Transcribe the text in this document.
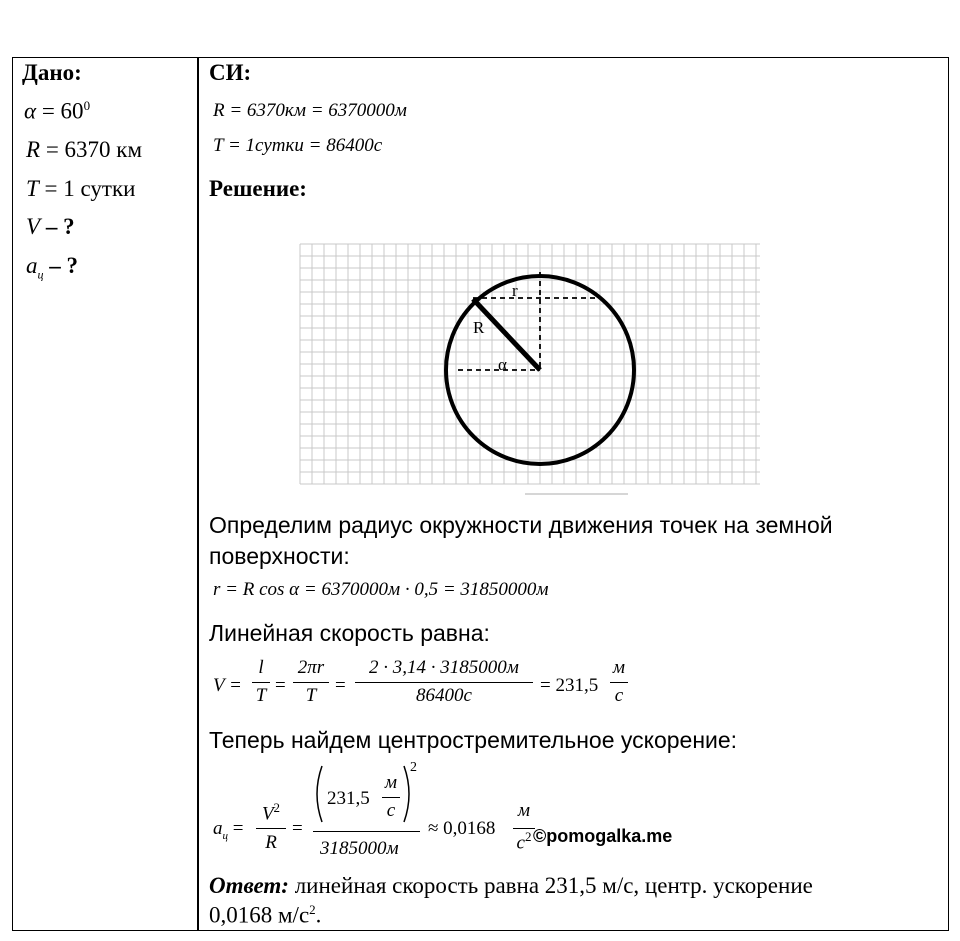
Дано:
$\alpha = 60^0$
R = 6370 км
T = 1 сутки
V – ?
$a_ц$ – ?
СИ:
R = 6370км = 6370000м
T = 1сутки = 86400с
Решение:
r
R
α
Определим радиус окружности движения точек на земной
поверхности:
r = R cos α = 6370000м · 0,5 = 31850000м
Линейная скорость равна:
V =
l
T =
2πr
T =
2 · 3,14 · 3185000м
86400с	= 231,5
м
с
Теперь найдем центростремительное ускорение:
$a_ц$ =
$V^2$
R
=
231,5
м
с
2
3185000м
≈ 0,0168
м
$с^2$ ©pomogalka.me
Ответ: линейная скорость равна 231,5 м/с, центр. ускорение
0,0168 $м/с^2$.
